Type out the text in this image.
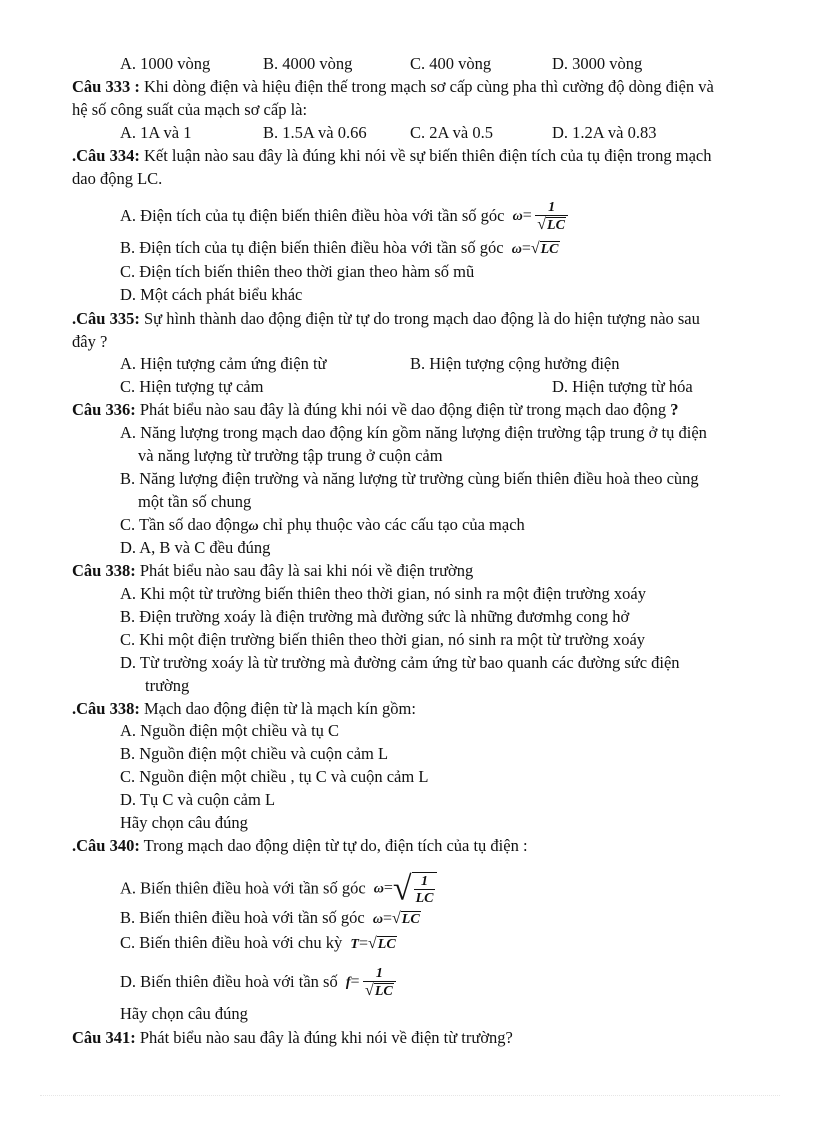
A. 1000 vòng	B. 4000 vòng	C. 400 vòng	D. 3000 vòng
Câu 333 : Khi dòng điện và hiệu điện thế trong mạch sơ cấp cùng pha thì cường độ dòng điện và
hệ số công suất của mạch sơ cấp là:
A. 1A và 1	B. 1.5A và 0.66	C. 2A và 0.5	D. 1.2A và 0.83
.Câu 334: Kết luận nào sau đây là đúng khi nói về sự biến thiên điện tích của tụ điện trong mạch
dao động LC.
A. Điện tích của tụ điện biến thiên điều hòa với tần số góc $\omega= \frac{1}{√LC}$
B. Điện tích của tụ điện biến thiên điều hòa với tần số góc ω=√LC
C. Điện tích biến thiên theo thời gian theo hàm số mũ
D. Một cách phát biểu khác
.Câu 335: Sự hình thành dao động điện từ tự do trong mạch dao động là do hiện tượng nào sau
đây ?
A. Hiện tượng cảm ứng điện từ	B. Hiện tượng cộng hưởng điện
C. Hiện tượng tự cảm	D. Hiện tượng từ hóa
Câu 336: Phát biểu nào sau đây là đúng khi nói về dao động điện từ trong mạch dao động ?
A. Năng lượng trong mạch dao động kín gồm năng lượng điện trường tập trung ở tụ điện
và năng lượng từ trường tập trung ở cuộn cảm
B. Năng lượng điện trường và năng lượng từ trường cùng biến thiên điều hoà theo cùng
một tần số chung
C. Tần số dao độngω chỉ phụ thuộc vào các cấu tạo của mạch
D. A, B và C đều đúng
Câu 338: Phát biểu nào sau đây là sai khi nói về điện trường
A. Khi một từ trường biến thiên theo thời gian, nó sinh ra một điện trường xoáy
B. Điện trường xoáy là điện trường mà đường sức là những đươmhg cong hở
C. Khi một điện trường biến thiên theo thời gian, nó sinh ra một từ trường xoáy
D. Từ trường xoáy là từ trường mà đường cảm ứng từ bao quanh các đường sức điện
trường
.Câu 338: Mạch dao động điện từ là mạch kín gồm:
A. Nguồn điện một chiều và tụ C
B. Nguồn điện một chiều và cuộn cảm L
C. Nguồn điện một chiều , tụ C và cuộn cảm L
D. Tụ C và cuộn cảm L
Hãy chọn câu đúng
.Câu 340: Trong mạch dao động diện từ tự do, điện tích của tụ điện :
A. Biến thiên điều hoà với tần số góc $\omega=√ \frac{1}{LC}$
B. Biến thiên điều hoà với tần số góc ω=√LC
C. Biến thiên điều hoà với chu kỳ T=√LC
D. Biến thiên điều hoà với tần số $f= \frac{1}{√LC}$
Hãy chọn câu đúng
Câu 341: Phát biểu nào sau đây là đúng khi nói về điện từ trường?
